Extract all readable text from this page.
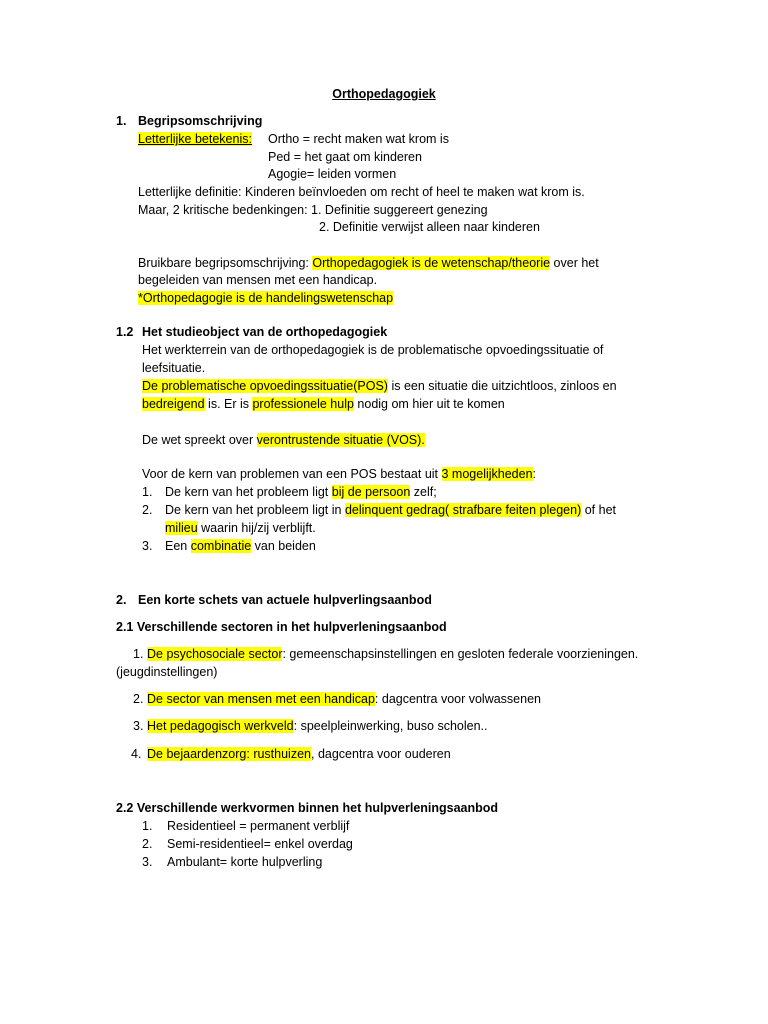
Orthopedagogiek
1. Begripsomschrijving
Letterlijke betekenis: Ortho = recht maken wat krom is
Ped = het gaat om kinderen
Agogie= leiden vormen
Letterlijke definitie: Kinderen beïnvloeden om recht of heel te maken wat krom is.
Maar, 2 kritische bedenkingen: 1. Definitie suggereert genezing
2. Definitie verwijst alleen naar kinderen
Bruikbare begripsomschrijving: Orthopedagogiek is de wetenschap/theorie over het
begeleiden van mensen met een handicap.
*Orthopedagogie is de handelingswetenschap
1.2 Het studieobject van de orthopedagogiek
Het werkterrein van de orthopedagogiek is de problematische opvoedingssituatie of
leefsituatie.
De problematische opvoedingssituatie(POS) is een situatie die uitzichtloos, zinloos en
bedreigend is. Er is professionele hulp nodig om hier uit te komen
De wet spreekt over verontrustende situatie (VOS).
Voor de kern van problemen van een POS bestaat uit 3 mogelijkheden:
1. De kern van het probleem ligt bij de persoon zelf;
2. De kern van het probleem ligt in delinquent gedrag( strafbare feiten plegen) of het
milieu waarin hij/zij verblijft.
3. Een combinatie van beiden
2. Een korte schets van actuele hulpverlingsaanbod
2.1 Verschillende sectoren in het hulpverleningsaanbod
1. De psychosociale sector: gemeenschapsinstellingen en gesloten federale voorzieningen.
(jeugdinstellingen)
2. De sector van mensen met een handicap: dagcentra voor volwassenen
3. Het pedagogisch werkveld: speelpleinwerking, buso scholen..
4. De bejaardenzorg: rusthuizen, dagcentra voor ouderen
2.2 Verschillende werkvormen binnen het hulpverleningsaanbod
1. Residentieel = permanent verblijf
2. Semi-residentieel= enkel overdag
3. Ambulant= korte hulpverling
